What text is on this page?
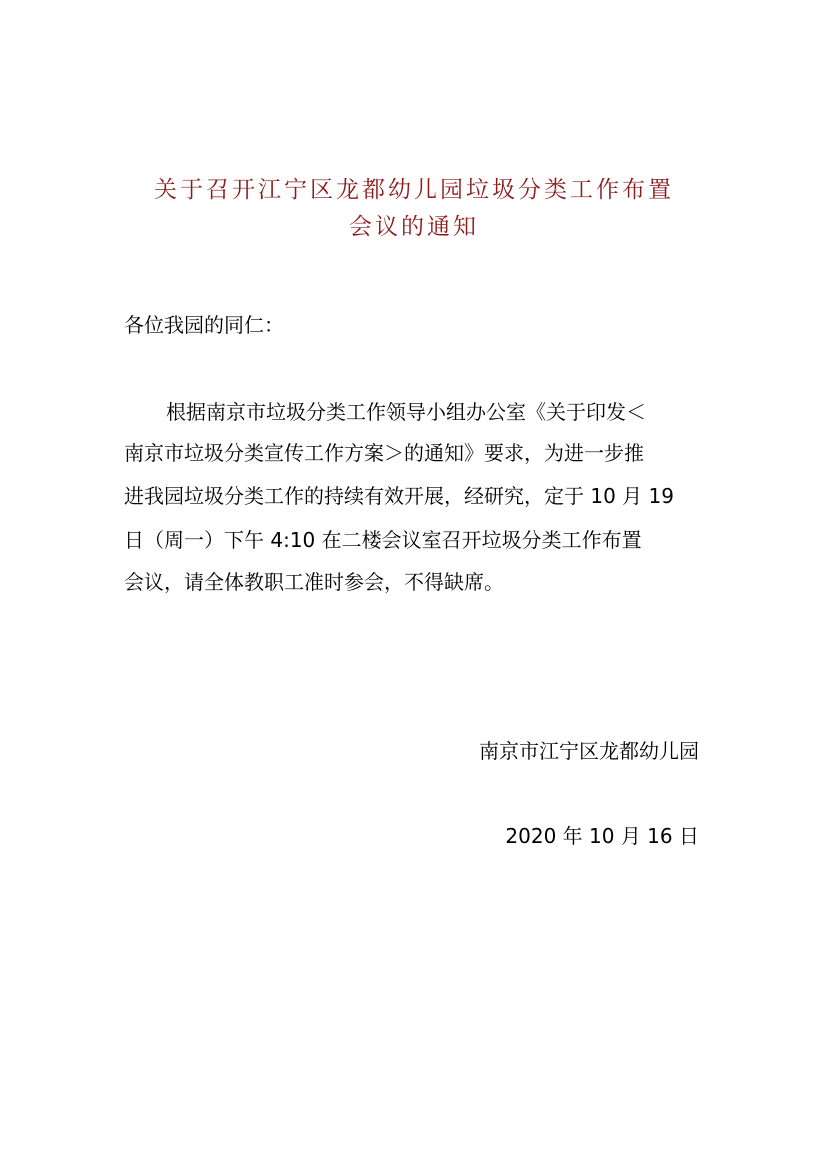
关于召开江宁区龙都幼儿园垃圾分类工作布置
会议的通知
各位我园的同仁：
根据南京市垃圾分类工作领导小组办公室《关于印发＜
南京市垃圾分类宣传工作方案＞的通知》要求，为进一步推
进我园垃圾分类工作的持续有效开展，经研究，定于 10 月 19
日（周一）下午 4:10 在二楼会议室召开垃圾分类工作布置
会议，请全体教职工准时参会，不得缺席。
南京市江宁区龙都幼儿园
2020 年 10 月 16 日
